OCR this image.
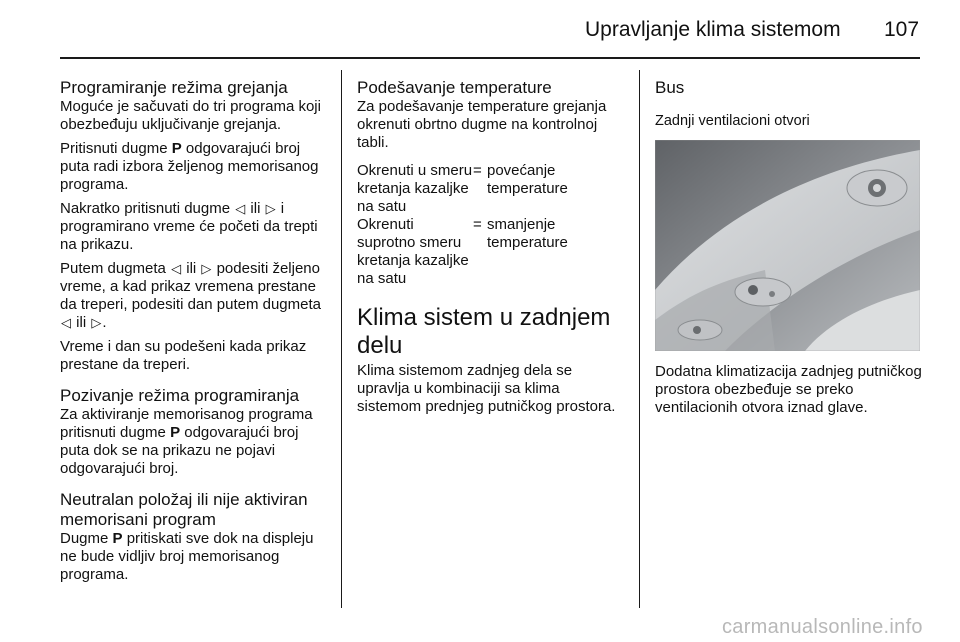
Upravljanje klima sistemom 107
Programiranje režima grejanja

Moguće je sačuvati do tri programa koji obezbeđuju uključivanje grejanja.

Pritisnuti dugme P odgovarajući broj puta radi izbora željenog memorisanog programa.

Nakratko pritisnuti dugme ◁ ili ▷ i programirano vreme će početi da trepti na prikazu.

Putem dugmeta ◁ ili ▷ podesiti željeno vreme, a kad prikaz vremena prestane da treperi, podesiti dan putem dugmeta ◁ ili ▷.

Vreme i dan su podešeni kada prikaz prestane da treperi.

Pozivanje režima programiranja

Za aktiviranje memorisanog programa pritisnuti dugme P odgovarajući broj puta dok se na prikazu ne pojavi odgovarajući broj.

Neutralan položaj ili nije aktiviran memorisani program

Dugme P pritiskati sve dok na displeju ne bude vidljiv broj memorisanog programa.

Podešavanje temperature

Za podešavanje temperature grejanja okrenuti obrtno dugme na kontrolnoj tabli.

Okrenuti u smeru kretanja kazaljke na satu
= povećanje temperature
Okrenuti suprotno smeru kretanja kazaljke na satu
= smanjenje temperature
Klima sistem u zadnjem delu

Klima sistemom zadnjeg dela se upravlja u kombinaciji sa klima sistemom prednjeg putničkog prostora.

Bus
Zadnji ventilacioni otvori

Dodatna klimatizacija zadnjeg putničkog prostora obezbeđuje se preko ventilacionih otvora iznad glave.

carmanualsonline.info
